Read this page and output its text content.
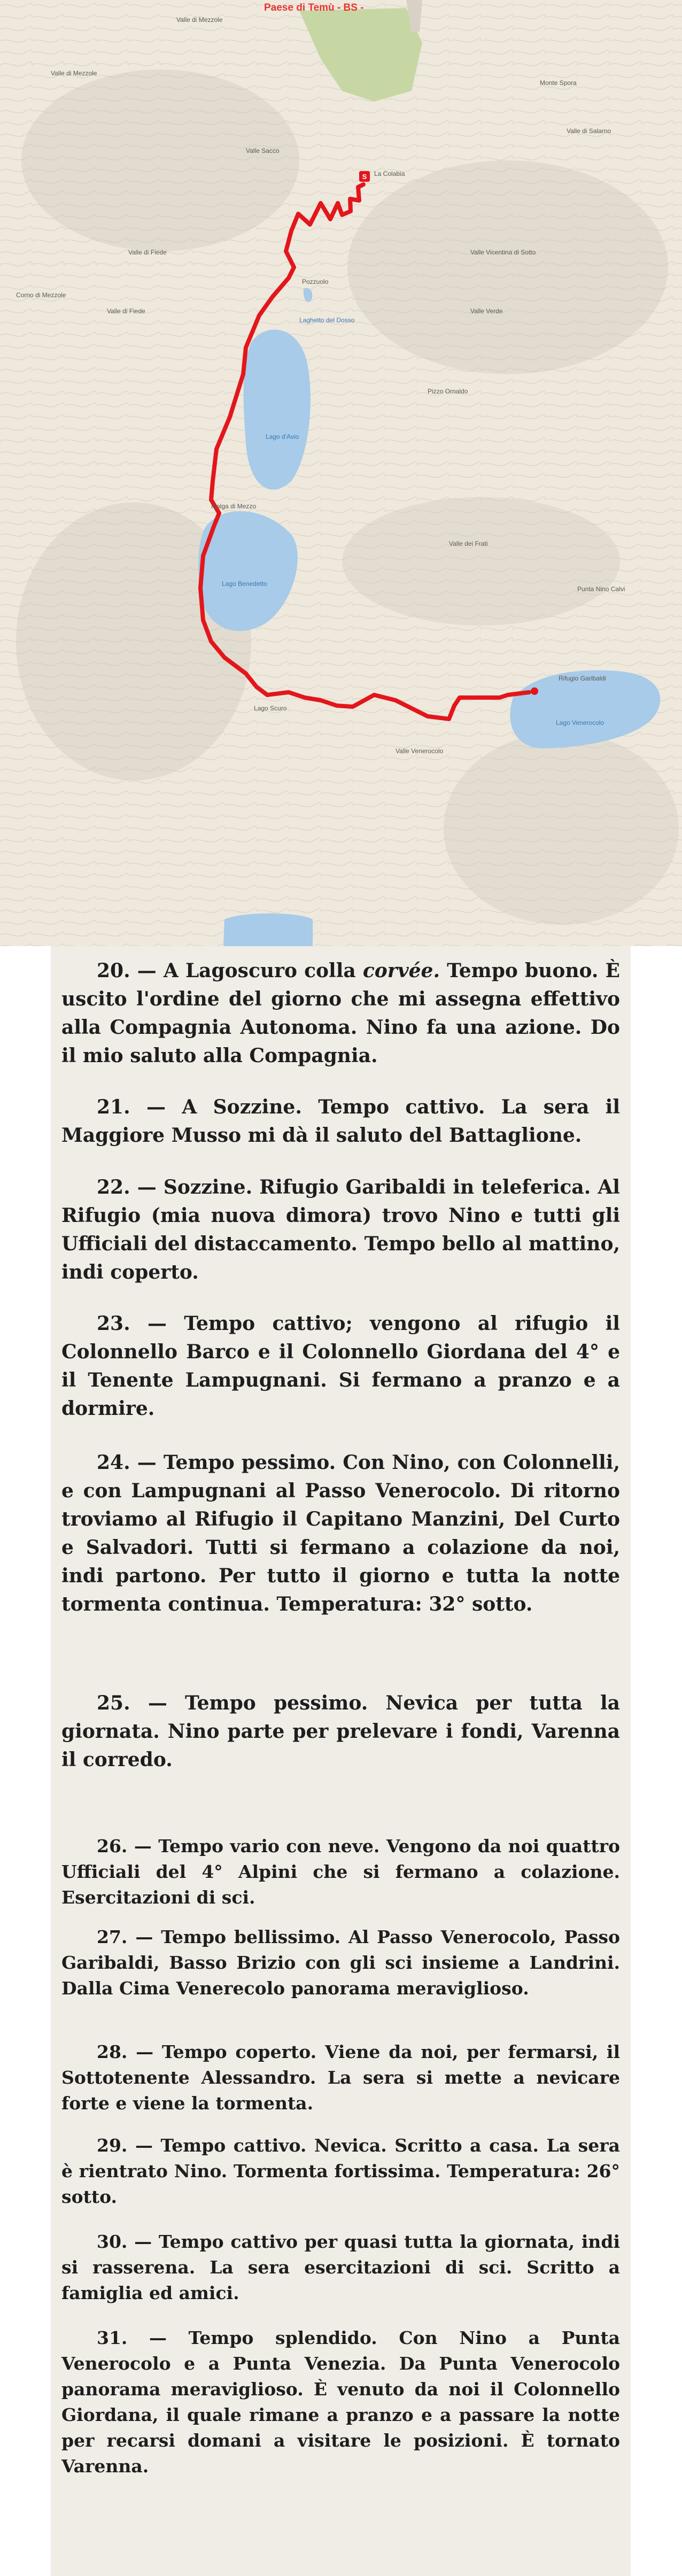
S
Paese di Temù - BS -
Valle di Mezzole
Valle di Mezzole
Monte Spora
Valle di Salarno
Valle Sacco
La Colabia
Valle di Fiede
Valle di Fiede
Corno di Mezzole
Pozzuolo
Laghetto del Dosso
Valle Vicentina di Sotto
Valle Verde
Lago d'Avio
Malga di Mezzo
Pizzo Ornaldo
Valle dei Frati
Lago Benedetto
Punta Nino Calvi
Lago Venerocolo
Rifugio Garibaldi
Valle Venerocolo
Lago Scuro

20. — A Lagoscuro colla corvée. Tempo buono. È uscito l'ordine del giorno che mi assegna effettivo alla Compagnia Autonoma. Nino fa una azione. Do il mio saluto alla Compagnia.

21. — A Sozzine. Tempo cattivo. La sera il Maggiore Musso mi dà il saluto del Battaglione.

22. — Sozzine. Rifugio Garibaldi in teleferica. Al Rifugio (mia nuova dimora) trovo Nino e tutti gli Ufficiali del distaccamento. Tempo bello al mattino, indi coperto.

23. — Tempo cattivo; vengono al rifugio il Colonnello Barco e il Colonnello Giordana del 4° e il Tenente Lampugnani. Si fermano a pranzo e a dormire.

24. — Tempo pessimo. Con Nino, con Colonnelli, e con Lampugnani al Passo Venerocolo. Di ritorno troviamo al Rifugio il Capitano Manzini, Del Curto e Salvadori. Tutti si fermano a colazione da noi, indi partono. Per tutto il giorno e tutta la notte tormenta continua. Temperatura: 32° sotto.

25. — Tempo pessimo. Nevica per tutta la giornata. Nino parte per prelevare i fondi, Varenna il corredo.

26. — Tempo vario con neve. Vengono da noi quattro Ufficiali del 4° Alpini che si fermano a colazione. Esercitazioni di sci.

27. — Tempo bellissimo. Al Passo Venerocolo, Passo Garibaldi, Basso Brizio con gli sci insieme a Landrini. Dalla Cima Venerecolo panorama meraviglioso.

28. — Tempo coperto. Viene da noi, per fermarsi, il Sottotenente Alessandro. La sera si mette a nevicare forte e viene la tormenta.

29. — Tempo cattivo. Nevica. Scritto a casa. La sera è rientrato Nino. Tormenta fortissima. Temperatura: 26° sotto.

30. — Tempo cattivo per quasi tutta la giornata, indi si rasserena. La sera esercitazioni di sci. Scritto a famiglia ed amici.

31. — Tempo splendido. Con Nino a Punta Venerocolo e a Punta Venezia. Da Punta Venerocolo panorama meraviglioso. È venuto da noi il Colonnello Giordana, il quale rimane a pranzo e a passare la notte per recarsi domani a visitare le posizioni. È tornato Varenna.
